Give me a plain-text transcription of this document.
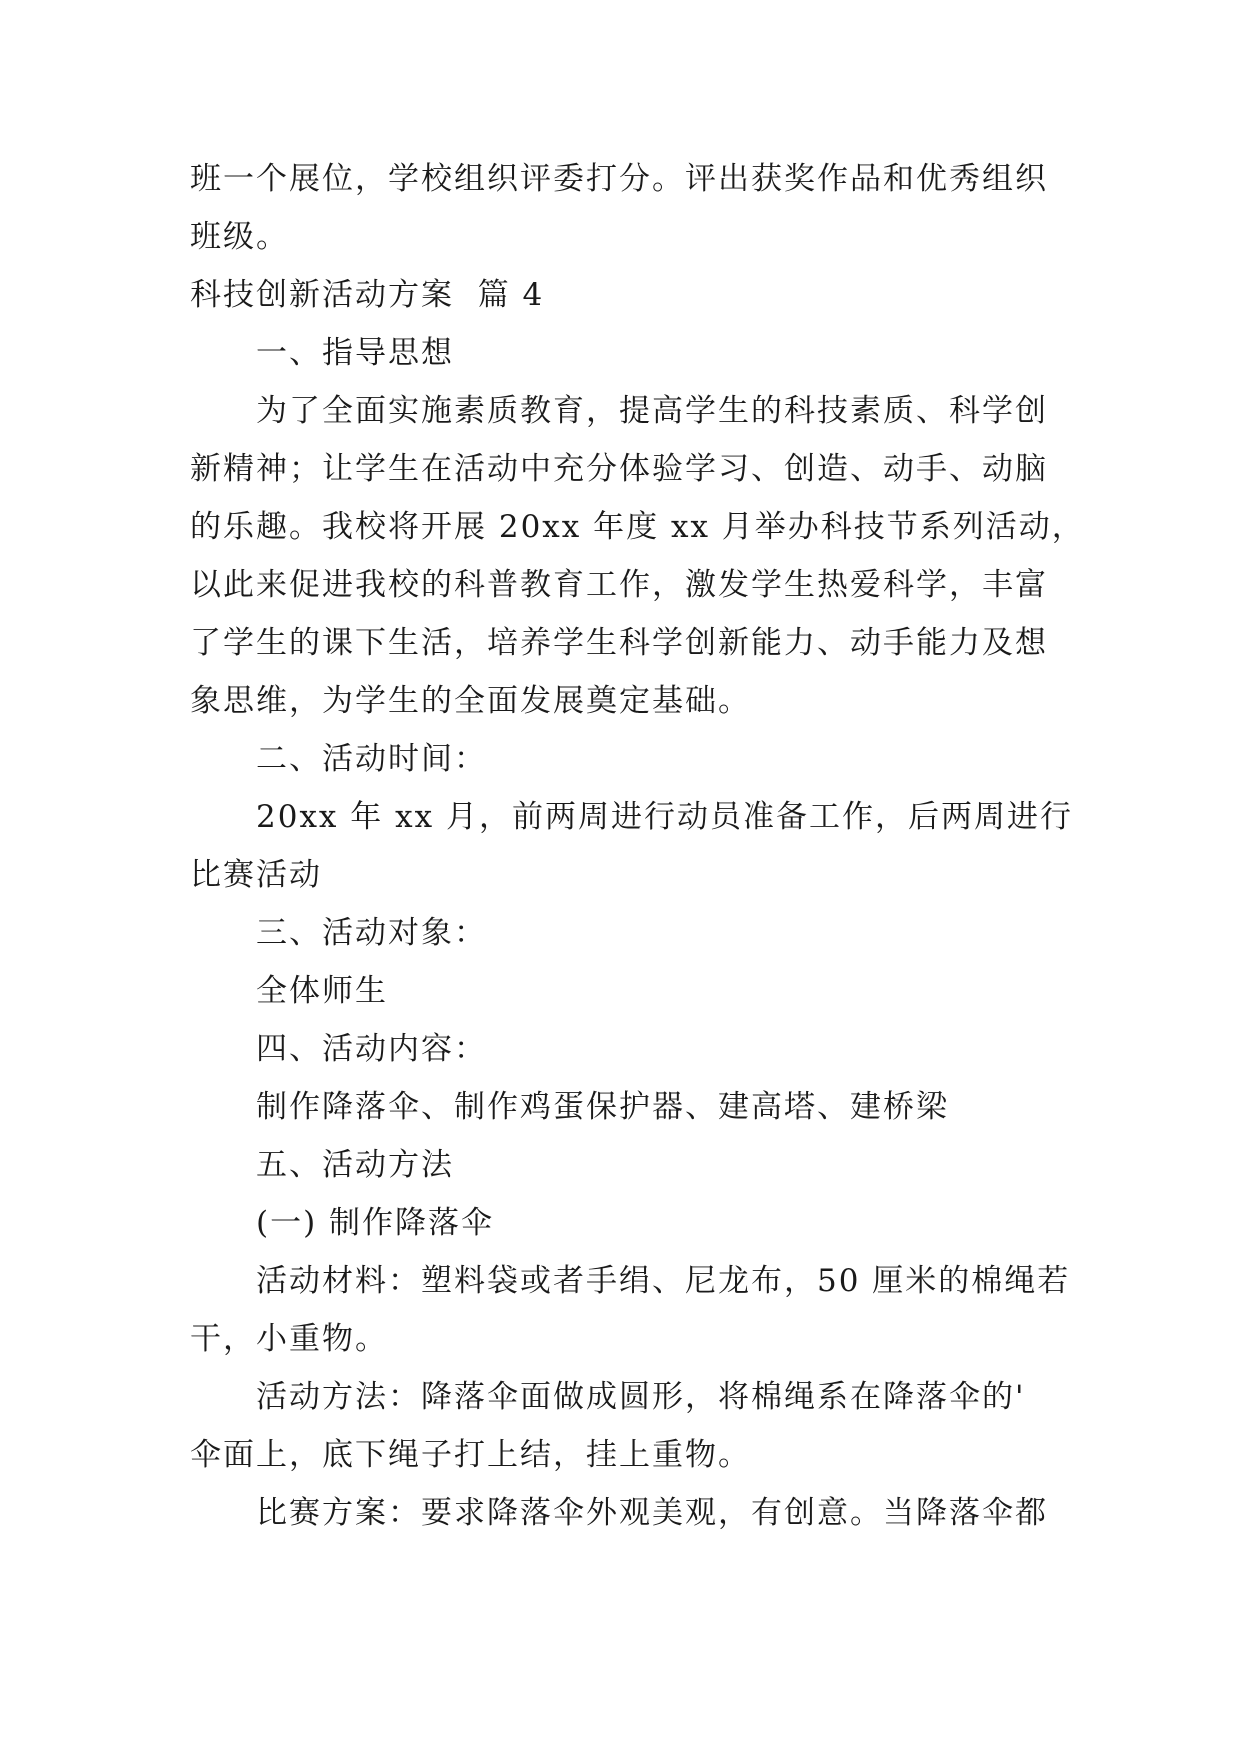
班一个展位，学校组织评委打分。评出获奖作品和优秀组织
班级。
科技创新活动方案  篇 4
一、指导思想
为了全面实施素质教育，提高学生的科技素质、科学创
新精神；让学生在活动中充分体验学习、创造、动手、动脑
的乐趣。我校将开展 20xx 年度 xx 月举办科技节系列活动，
以此来促进我校的科普教育工作，激发学生热爱科学，丰富
了学生的课下生活，培养学生科学创新能力、动手能力及想
象思维，为学生的全面发展奠定基础。
二、活动时间：
20xx 年 xx 月，前两周进行动员准备工作，后两周进行
比赛活动
三、活动对象：
全体师生
四、活动内容：
制作降落伞、制作鸡蛋保护器、建高塔、建桥梁
五、活动方法
(一) 制作降落伞
活动材料：塑料袋或者手绢、尼龙布，50 厘米的棉绳若
干，小重物。
活动方法：降落伞面做成圆形，将棉绳系在降落伞的'
伞面上，底下绳子打上结，挂上重物。
比赛方案：要求降落伞外观美观，有创意。当降落伞都
